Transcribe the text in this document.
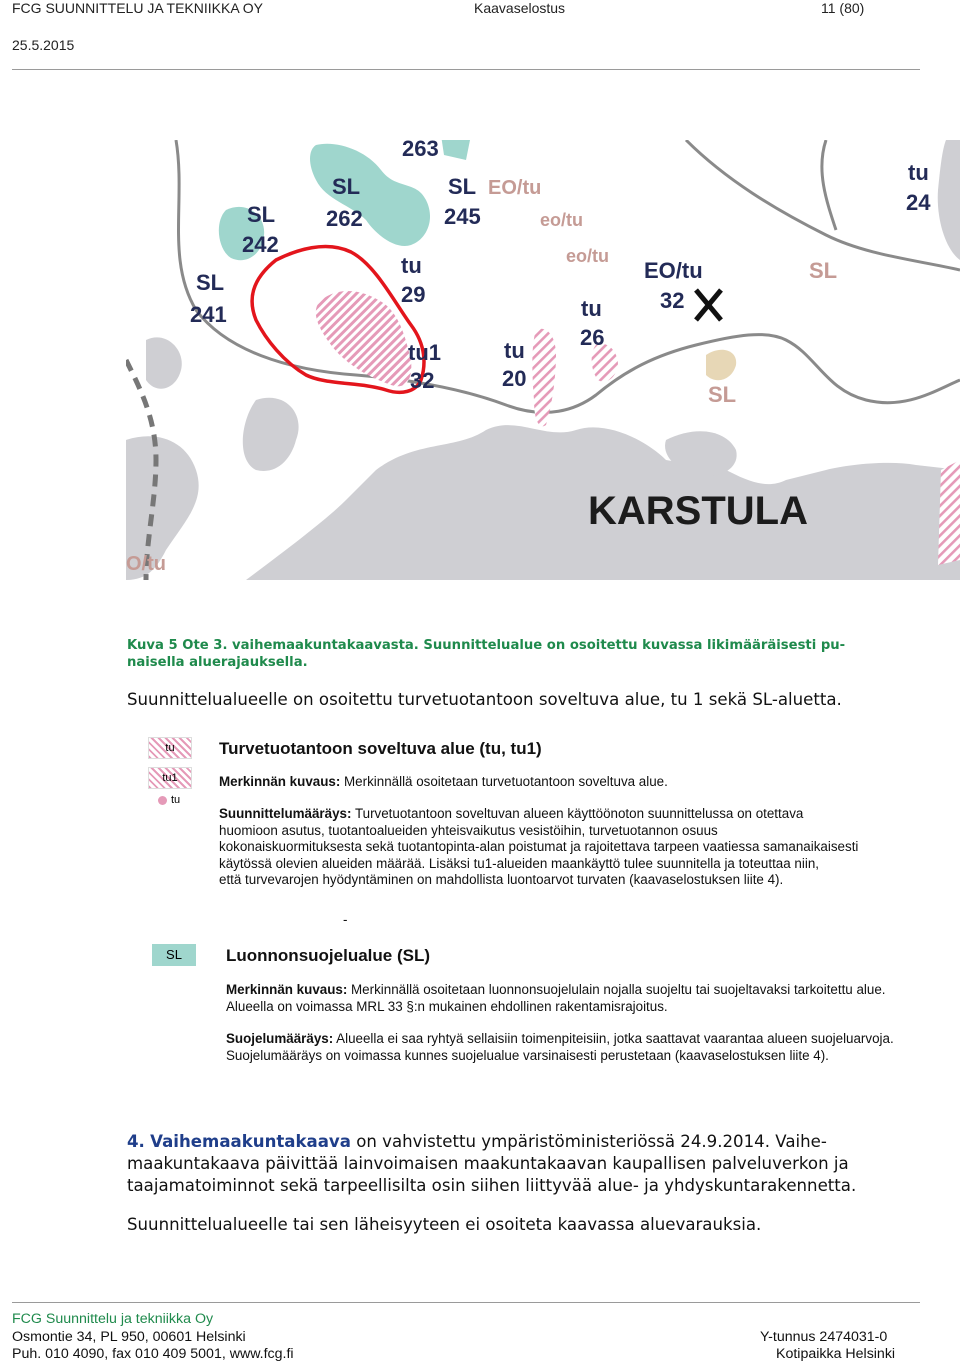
FCG SUUNNITTELU JA TEKNIIKKA OY	Kaavaselostus	11 (80)
25.5.2015
263
SL
262
SL
242
SL
245
SL
241
EO/tu
eo/tu
eo/tu
tu
29
tu1
32
tu
20
tu
26
EO/tu
32
tu
24
SL
SL
O/tu
KARSTULA
Kuva 5 Ote 3. vaihemaakuntakaavasta. Suunnittelualue on osoitettu kuvassa likimääräisesti pu-
naisella aluerajauksella.
Suunnittelualueelle on osoitettu turvetuotantoon soveltuva alue, tu 1 sekä SL-aluetta.
tu
tu1
tu
Turvetuotantoon soveltuva alue (tu, tu1)
Merkinnän kuvaus: Merkinnällä osoitetaan turvetuotantoon soveltuva alue.
Suunnittelumääräys: Turvetuotantoon soveltuvan alueen käyttöönoton suunnittelussa on otettava
huomioon asutus, tuotantoalueiden yhteisvaikutus vesistöihin, turvetuotannon osuus
kokonaiskuormituksesta sekä tuotantopinta-alan poistumat ja rajoitettava tarpeen vaatiessa samanaikaisesti
käytössä olevien alueiden määrää. Lisäksi tu1-alueiden maankäyttö tulee suunnitella ja toteuttaa niin,
että turvevarojen hyödyntäminen on mahdollista luontoarvot turvaten (kaavaselostuksen liite 4).
-
SL	Luonnonsuojelualue (SL)
Merkinnän kuvaus: Merkinnällä osoitetaan luonnonsuojelulain nojalla suojeltu tai suojeltavaksi tarkoitettu alue.
Alueella on voimassa MRL 33 §:n mukainen ehdollinen rakentamisrajoitus.
Suojelumääräys: Alueella ei saa ryhtyä sellaisiin toimenpiteisiin, jotka saattavat vaarantaa alueen suojeluarvoja.
Suojelumääräys on voimassa kunnes suojelualue varsinaisesti perustetaan (kaavaselostuksen liite 4).
4. Vaihemaakuntakaava on vahvistettu ympäristöministeriössä 24.9.2014. Vaihe-
maakuntakaava päivittää lainvoimaisen maakuntakaavan kaupallisen palveluverkon ja
taajamatoiminnot sekä tarpeellisilta osin siihen liittyvää alue- ja yhdyskuntarakennetta.
Suunnittelualueelle tai sen läheisyyteen ei osoiteta kaavassa aluevarauksia.
FCG Suunnittelu ja tekniikka Oy
Osmontie 34, PL 950, 00601 Helsinki
Puh. 010 4090, fax 010 409 5001, www.fcg.fi
Y-tunnus 2474031-0
Kotipaikka Helsinki
